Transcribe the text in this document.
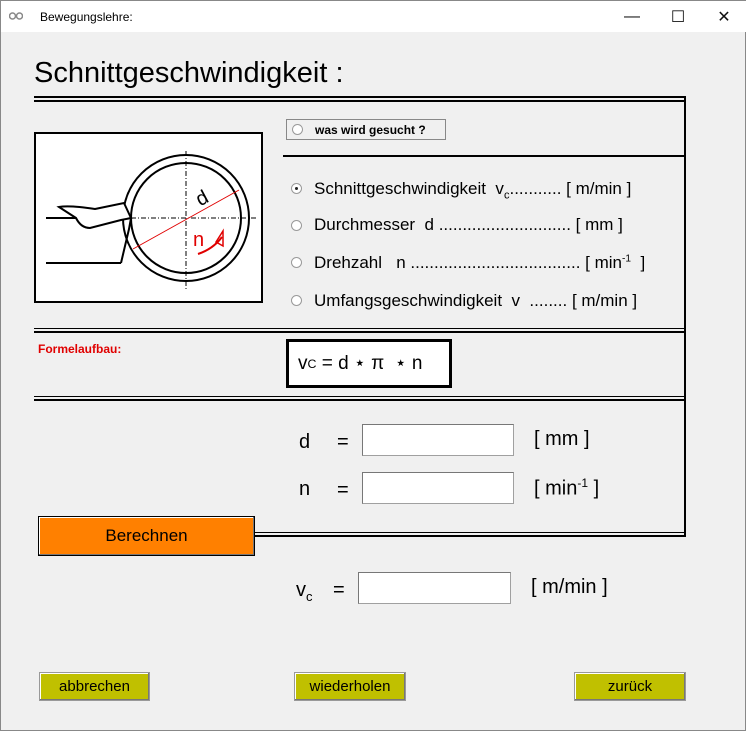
Bewegungslehre:	—	☐	✕
Schnittgeschwindigkeit :
d
n
was wird gesucht ?
Schnittgeschwindigkeit  $v_c$........... [ m/min ]
Durchmesser  d ............................ [ mm ]
Drehzahl   n .................................... [ $\min^{-1}$  ]
Umfangsgeschwindigkeit  v  ........ [ m/min ]
Formelaufbau:
v C = d ⋆ π  ⋆ n
d =	[ mm ]
n =	[ $\min^{-1}$ ]
Berechnen
$v_c$ =	[ m/min ]
abbrechen	wiederholen	zurück
